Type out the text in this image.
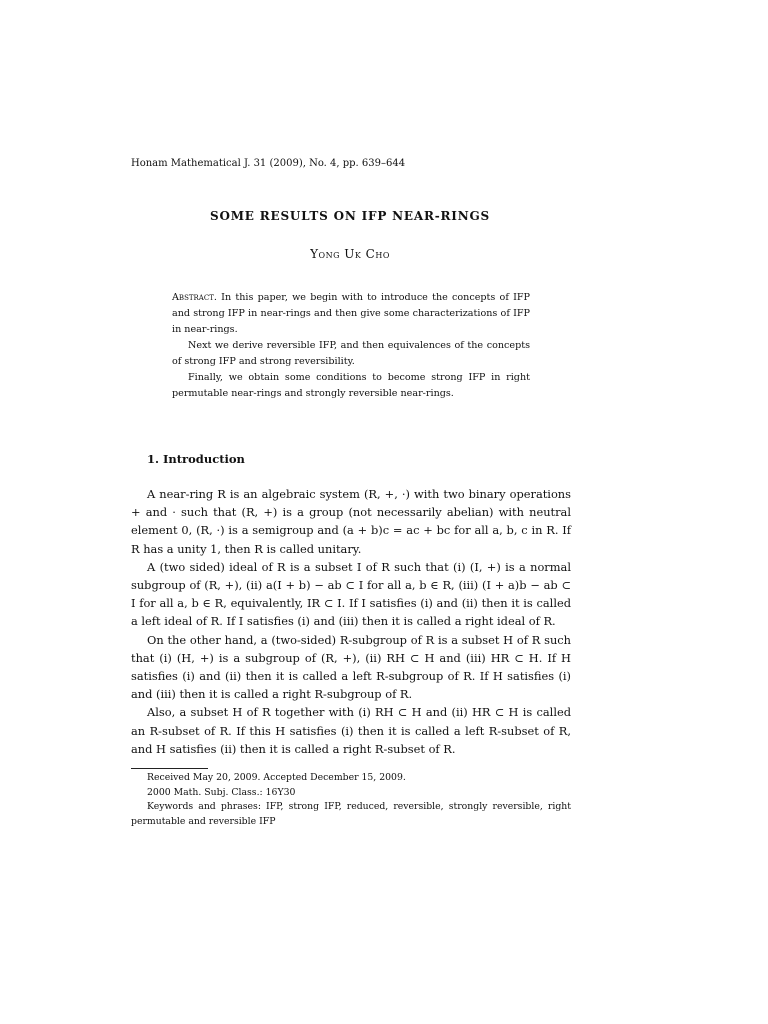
Honam Mathematical J. 31 (2009), No. 4, pp. 639–644
SOME RESULTS ON IFP NEAR-RINGS
Yong Uk Cho

Abstract. In this paper, we begin with to introduce the concepts of IFP and strong IFP in near-rings and then give some characterizations of IFP in near-rings.

Next we derive reversible IFP, and then equivalences of the concepts of strong IFP and strong reversibility.

Finally, we obtain some conditions to become strong IFP in right permutable near-rings and strongly reversible near-rings.

1. Introduction

A near-ring R is an algebraic system (R, +, ·) with two binary operations + and · such that (R, +) is a group (not necessarily abelian) with neutral element 0, (R, ·) is a semigroup and (a + b)c = ac + bc for all a, b, c in R. If R has a unity 1, then R is called unitary.

A (two sided) ideal of R is a subset I of R such that (i) (I, +) is a normal subgroup of (R, +), (ii) a(I + b) − ab ⊂ I for all a, b ∈ R, (iii) (I + a)b − ab ⊂ I for all a, b ∈ R, equivalently, IR ⊂ I. If I satisfies (i) and (ii) then it is called a left ideal of R. If I satisfies (i) and (iii) then it is called a right ideal of R.

On the other hand, a (two-sided) R-subgroup of R is a subset H of R such that (i) (H, +) is a subgroup of (R, +), (ii) RH ⊂ H and (iii) HR ⊂ H. If H satisfies (i) and (ii) then it is called a left R-subgroup of R. If H satisfies (i) and (iii) then it is called a right R-subgroup of R.

Also, a subset H of R together with (i) RH ⊂ H and (ii) HR ⊂ H is called an R-subset of R. If this H satisfies (i) then it is called a left R-subset of R, and H satisfies (ii) then it is called a right R-subset of R.

Received May 20, 2009. Accepted December 15, 2009.

2000 Math. Subj. Class.: 16Y30

Keywords and phrases: IFP, strong IFP, reduced, reversible, strongly reversible, right permutable and reversible IFP
